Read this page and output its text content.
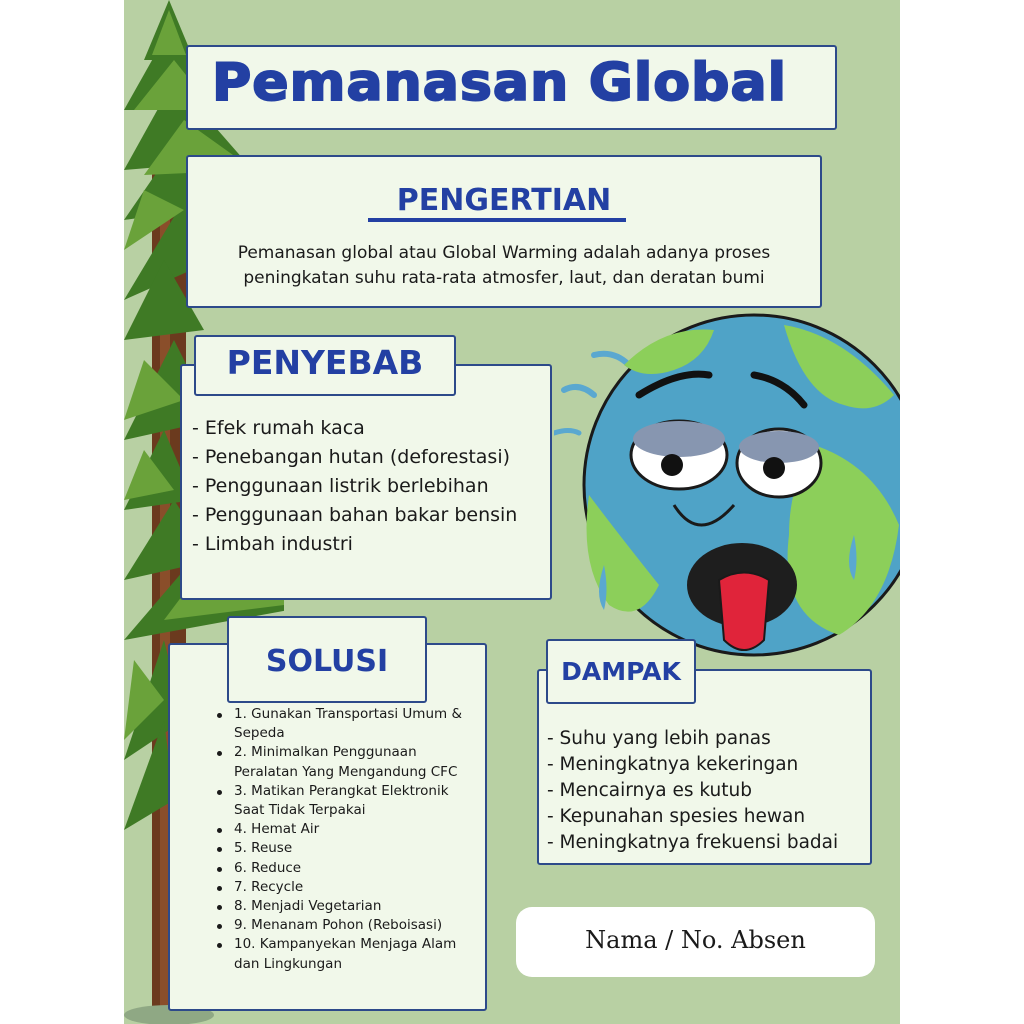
Pemanasan Global
PENGERTIAN
Pemanasan global atau Global Warming adalah adanya proses
peningkatan suhu rata-rata atmosfer, laut, dan deratan bumi
- Efek rumah kaca
- Penebangan hutan (deforestasi)
- Penggunaan listrik berlebihan
- Penggunaan bahan bakar bensin
- Limbah industri
PENYEBAB
1. Gunakan Transportasi Umum & Sepeda
2. Minimalkan Penggunaan Peralatan Yang Mengandung CFC
3. Matikan Perangkat Elektronik Saat Tidak Terpakai
4. Hemat Air
5. Reuse
6. Reduce
7. Recycle
8. Menjadi Vegetarian
9. Menanam Pohon (Reboisasi)
10. Kampanyekan Menjaga Alam dan Lingkungan
SOLUSI
- Suhu yang lebih panas
- Meningkatnya kekeringan
- Mencairnya es kutub
- Kepunahan spesies hewan
- Meningkatnya frekuensi badai
DAMPAK
Nama / No. Absen
